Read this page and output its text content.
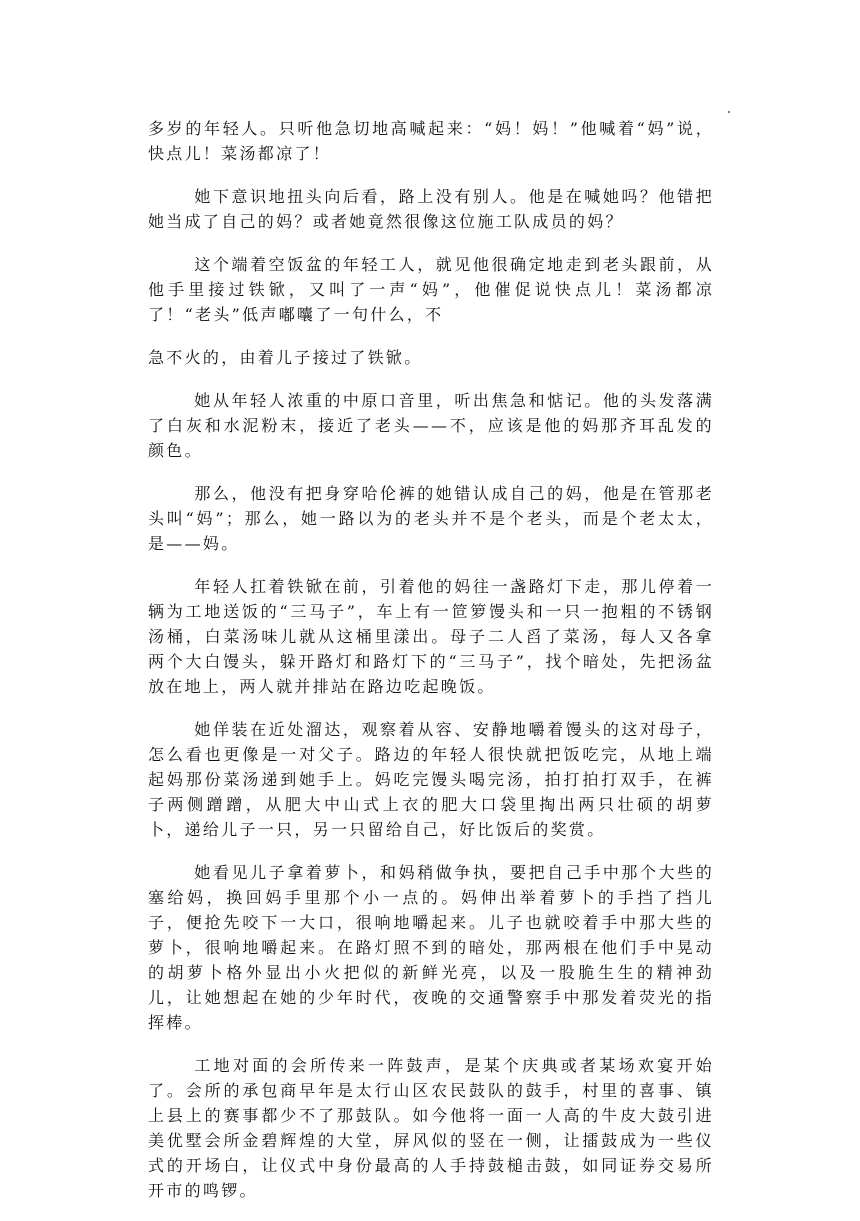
多岁的年轻人。只听他急切地高喊起来：“妈！妈！”他喊着“妈”说，快点儿！菜汤都凉了！

她下意识地扭头向后看，路上没有别人。他是在喊她吗？他错把她当成了自己的妈？或者她竟然很像这位施工队成员的妈？

这个端着空饭盆的年轻工人，就见他很确定地走到老头跟前，从他手里接过铁锨，又叫了一声“妈”，他催促说快点儿！菜汤都凉了！“老头”低声嘟囔了一句什么，不

急不火的，由着儿子接过了铁锨。

她从年轻人浓重的中原口音里，听出焦急和惦记。他的头发落满了白灰和水泥粉末，接近了老头——不，应该是他的妈那齐耳乱发的颜色。

那么，他没有把身穿哈伦裤的她错认成自己的妈，他是在管那老头叫“妈”；那么，她一路以为的老头并不是个老头，而是个老太太，是——妈。

年轻人扛着铁锨在前，引着他的妈往一盏路灯下走，那儿停着一辆为工地送饭的“三马子”，车上有一笸箩馒头和一只一抱粗的不锈钢汤桶，白菜汤味儿就从这桶里漾出。母子二人舀了菜汤，每人又各拿两个大白馒头，躲开路灯和路灯下的“三马子”，找个暗处，先把汤盆放在地上，两人就并排站在路边吃起晚饭。

她佯装在近处溜达，观察着从容、安静地嚼着馒头的这对母子，怎么看也更像是一对父子。路边的年轻人很快就把饭吃完，从地上端起妈那份菜汤递到她手上。妈吃完馒头喝完汤，拍打拍打双手，在裤子两侧蹭蹭，从肥大中山式上衣的肥大口袋里掏出两只壮硕的胡萝卜，递给儿子一只，另一只留给自己，好比饭后的奖赏。

她看见儿子拿着萝卜，和妈稍做争执，要把自己手中那个大些的塞给妈，换回妈手里那个小一点的。妈伸出举着萝卜的手挡了挡儿子，便抢先咬下一大口，很响地嚼起来。儿子也就咬着手中那大些的萝卜，很响地嚼起来。在路灯照不到的暗处，那两根在他们手中晃动的胡萝卜格外显出小火把似的新鲜光亮，以及一股脆生生的精神劲儿，让她想起在她的少年时代，夜晚的交通警察手中那发着荧光的指挥棒。

工地对面的会所传来一阵鼓声，是某个庆典或者某场欢宴开始了。会所的承包商早年是太行山区农民鼓队的鼓手，村里的喜事、镇上县上的赛事都少不了那鼓队。如今他将一面一人高的牛皮大鼓引进美优墅会所金碧辉煌的大堂，屏风似的竖在一侧，让擂鼓成为一些仪式的开场白，让仪式中身份最高的人手持鼓槌击鼓，如同证券交易所开市的鸣锣。
